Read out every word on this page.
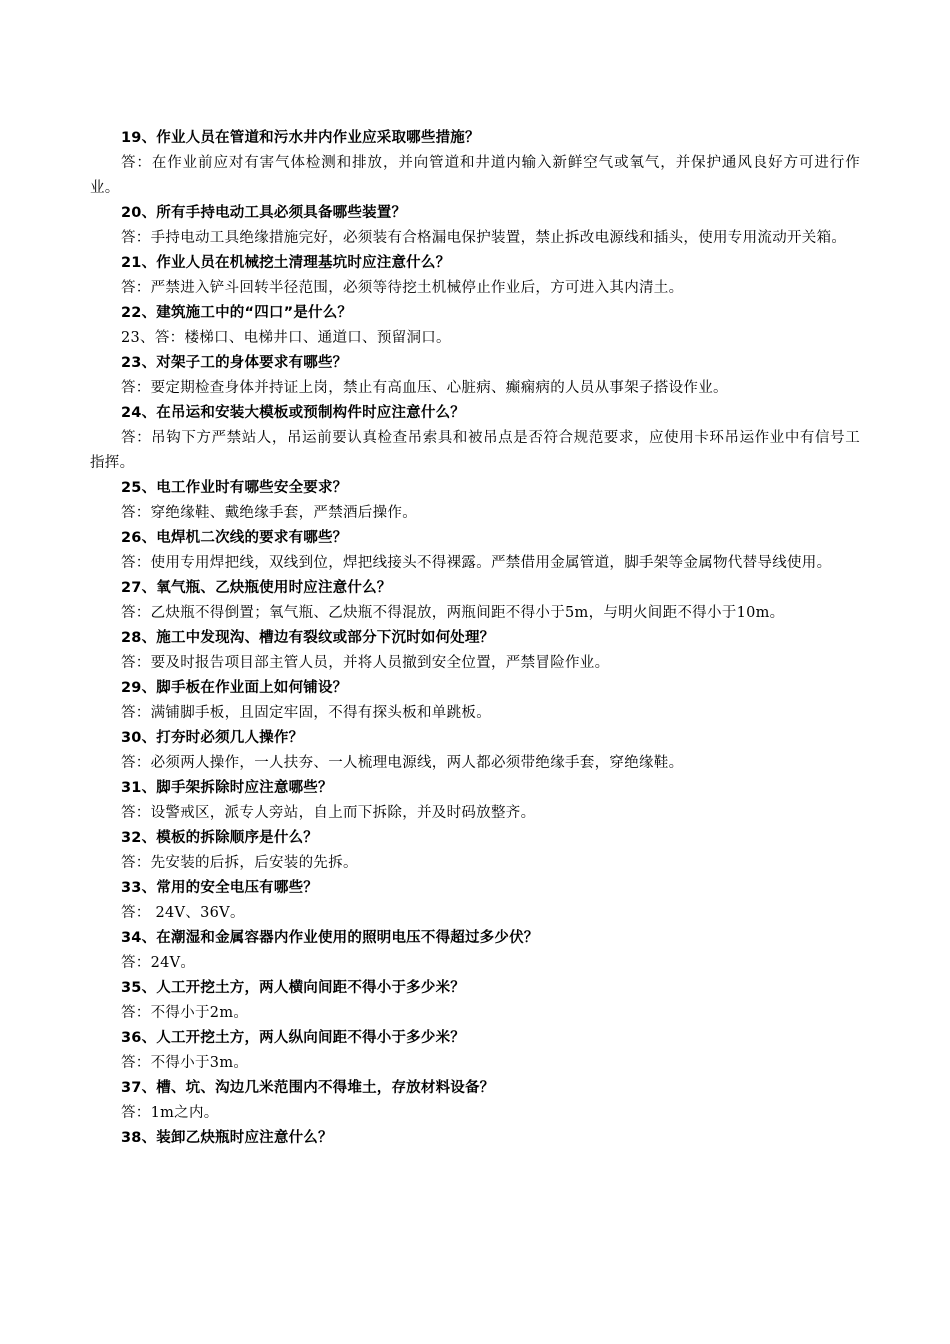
19、作业人员在管道和污水井内作业应采取哪些措施？
答：在作业前应对有害气体检测和排放，并向管道和井道内输入新鲜空气或氧气，并保护通风良好方可进行作业。
20、所有手持电动工具必须具备哪些装置？
答：手持电动工具绝缘措施完好，必须装有合格漏电保护装置，禁止拆改电源线和插头，使用专用流动开关箱。
21、作业人员在机械挖土清理基坑时应注意什么？
答：严禁进入铲斗回转半径范围，必须等待挖土机械停止作业后，方可进入其内清土。
22、建筑施工中的“四口”是什么？
23、答：楼梯口、电梯井口、通道口、预留洞口。
23、对架子工的身体要求有哪些？
答：要定期检查身体并持证上岗，禁止有高血压、心脏病、癫痫病的人员从事架子搭设作业。
24、在吊运和安装大模板或预制构件时应注意什么？
答：吊钩下方严禁站人，吊运前要认真检查吊索具和被吊点是否符合规范要求，应使用卡环吊运作业中有信号工指挥。
25、电工作业时有哪些安全要求？
答：穿绝缘鞋、戴绝缘手套，严禁酒后操作。
26、电焊机二次线的要求有哪些？
答：使用专用焊把线，双线到位，焊把线接头不得裸露。严禁借用金属管道，脚手架等金属物代替导线使用。
27、氧气瓶、乙炔瓶使用时应注意什么？
答：乙炔瓶不得倒置；氧气瓶、乙炔瓶不得混放，两瓶间距不得小于5m，与明火间距不得小于10m。
28、施工中发现沟、槽边有裂纹或部分下沉时如何处理？
答：要及时报告项目部主管人员，并将人员撤到安全位置，严禁冒险作业。
29、脚手板在作业面上如何铺设？
答：满铺脚手板，且固定牢固，不得有探头板和单跳板。
30、打夯时必须几人操作？
答：必须两人操作，一人扶夯、一人梳理电源线，两人都必须带绝缘手套，穿绝缘鞋。
31、脚手架拆除时应注意哪些？
答：设警戒区，派专人旁站，自上而下拆除，并及时码放整齐。
32、模板的拆除顺序是什么？
答：先安装的后拆，后安装的先拆。
33、常用的安全电压有哪些？
答： 24V、36V。
34、在潮湿和金属容器内作业使用的照明电压不得超过多少伏？
答：24V。
35、人工开挖土方，两人横向间距不得小于多少米？
答：不得小于2m。
36、人工开挖土方，两人纵向间距不得小于多少米？
答：不得小于3m。
37、槽、坑、沟边几米范围内不得堆土，存放材料设备？
答：1m之内。
38、装卸乙炔瓶时应注意什么？
